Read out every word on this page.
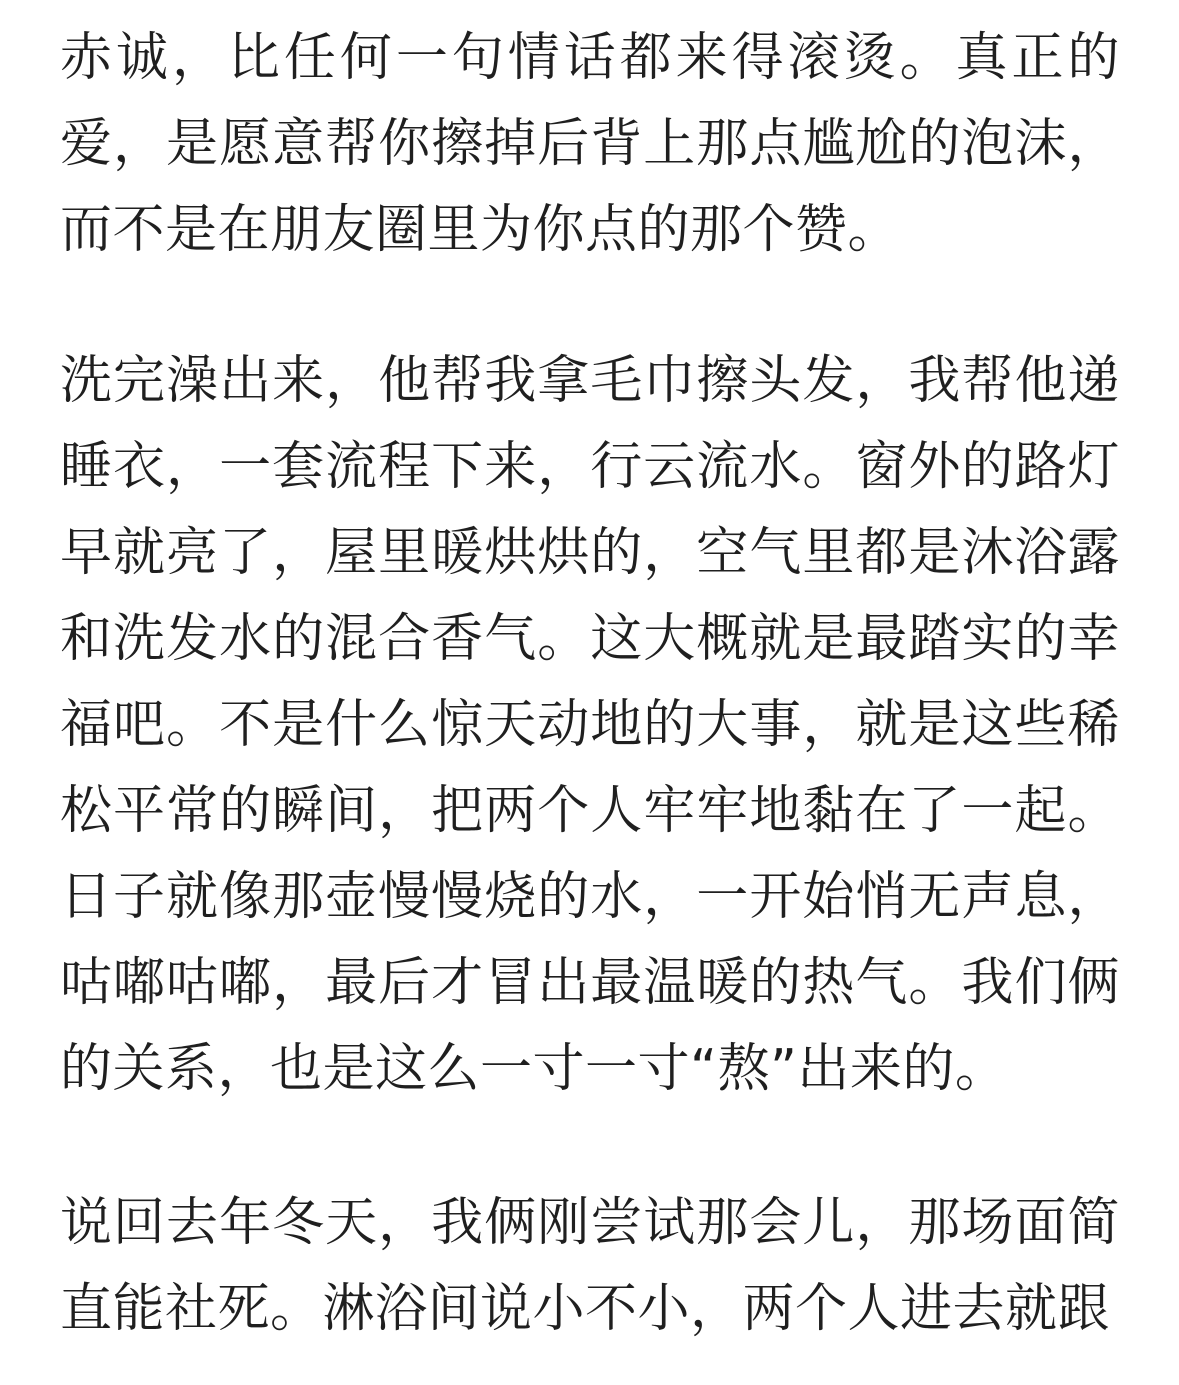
赤诚，比任何一句情话都来得滚烫。真正的爱，是愿意帮你擦掉后背上那点尴尬的泡沫，而不是在朋友圈里为你点的那个赞。

洗完澡出来，他帮我拿毛巾擦头发，我帮他递睡衣，一套流程下来，行云流水。窗外的路灯早就亮了，屋里暖烘烘的，空气里都是沐浴露和洗发水的混合香气。这大概就是最踏实的幸福吧。不是什么惊天动地的大事，就是这些稀松平常的瞬间，把两个人牢牢地黏在了一起。日子就像那壶慢慢烧的水，一开始悄无声息，咕嘟咕嘟，最后才冒出最温暖的热气。我们俩的关系，也是这么一寸一寸“熬”出来的。

说回去年冬天，我俩刚尝试那会儿，那场面简直能社死。淋浴间说小不小，两个人进去就跟
